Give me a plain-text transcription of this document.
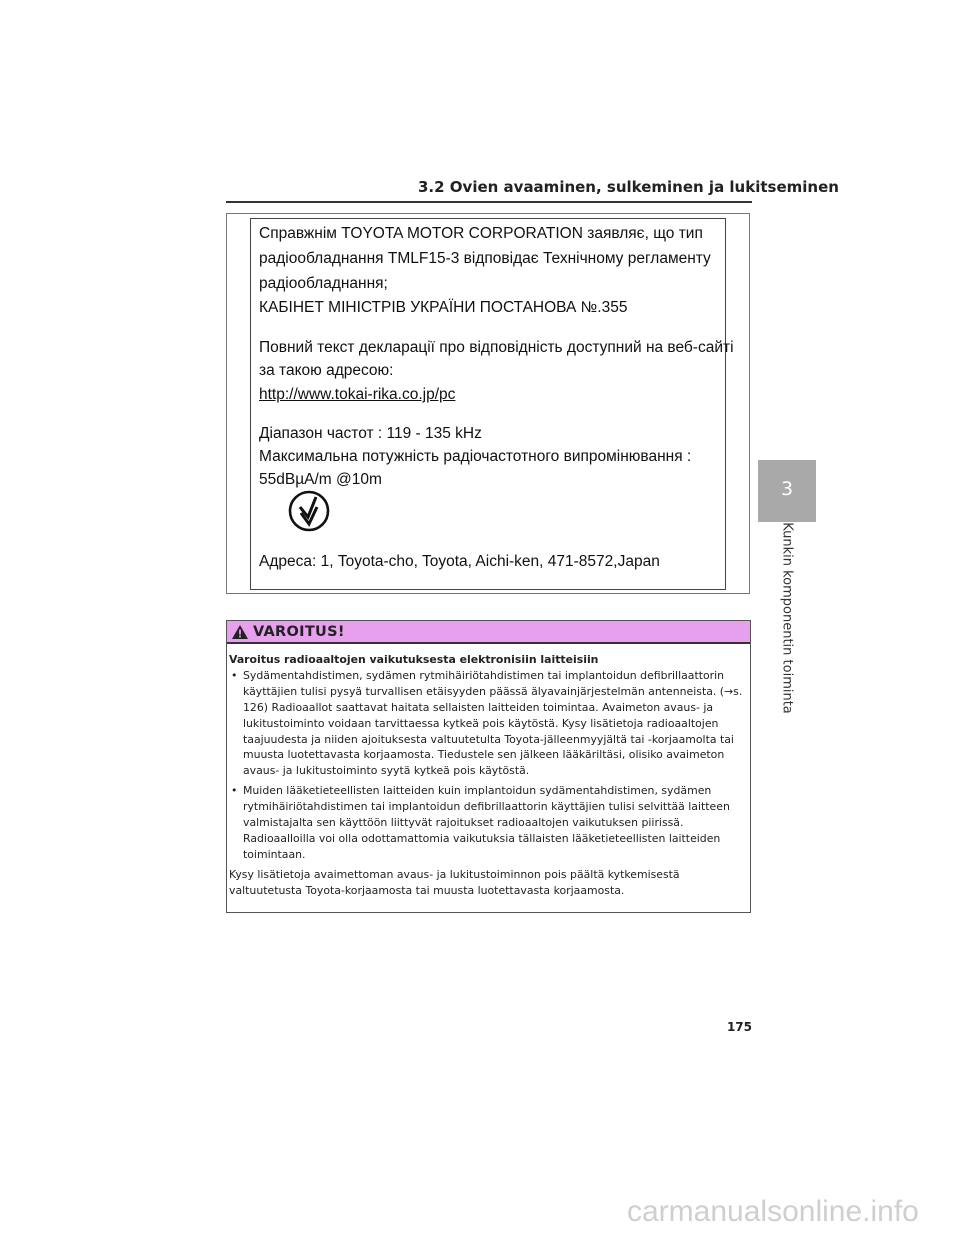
3.2 Ovien avaaminen, sulkeminen ja lukitseminen
Справжнім TOYOTA MOTOR CORPORATION заявляє, що тип
радіообладнання TMLF15-3 відповідає Технічному регламенту
радіообладнання;
КАБІНЕТ МІНІСТРІВ УКРАЇНИ ПОСТАНОВА №.355
Повний текст декларації про відповідність доступний на веб-сайті
за такою адресою:
http://www.tokai-rika.co.jp/pc
Діапазон частот : 119 - 135 kHz
Максимальна потужність радіочастотного випромінювання :
55dBµA/m @10m
Адреса: 1, Toyota-cho, Toyota, Aichi-ken, 471-8572,Japan
3
Kunkin komponentin toiminta
VAROITUS!
Varoitus radioaaltojen vaikutuksesta elektronisiin laitteisiin
• Sydämentahdistimen, sydämen rytmihäiriötahdistimen tai implantoidun defibrillaattorin käyttäjien tulisi pysyä turvallisen etäisyyden päässä älyavainjärjestelmän antenneista. (→s. 126) Radioaallot saattavat haitata sellaisten laitteiden toimintaa. Avaimeton avaus- ja lukitustoiminto voidaan tarvittaessa kytkeä pois käytöstä. Kysy lisätietoja radioaaltojen taajuudesta ja niiden ajoituksesta valtuutetulta Toyota-jälleenmyyjältä tai -korjaamolta tai muusta luotettavasta korjaamosta. Tiedustele sen jälkeen lääkäriltäsi, olisiko avaimeton avaus- ja lukitustoiminto syytä kytkeä pois käytöstä.
• Muiden lääketieteellisten laitteiden kuin implantoidun sydämentahdistimen, sydämen rytmihäiriötahdistimen tai implantoidun defibrillaattorin käyttäjien tulisi selvittää laitteen valmistajalta sen käyttöön liittyvät rajoitukset radioaaltojen vaikutuksen piirissä. Radioaalloilla voi olla odottamattomia vaikutuksia tällaisten lääketieteellisten laitteiden toimintaan.
Kysy lisätietoja avaimettoman avaus- ja lukitustoiminnon pois päältä kytkemisestä valtuutetusta Toyota-korjaamosta tai muusta luotettavasta korjaamosta.
175
carmanualsonline.info
